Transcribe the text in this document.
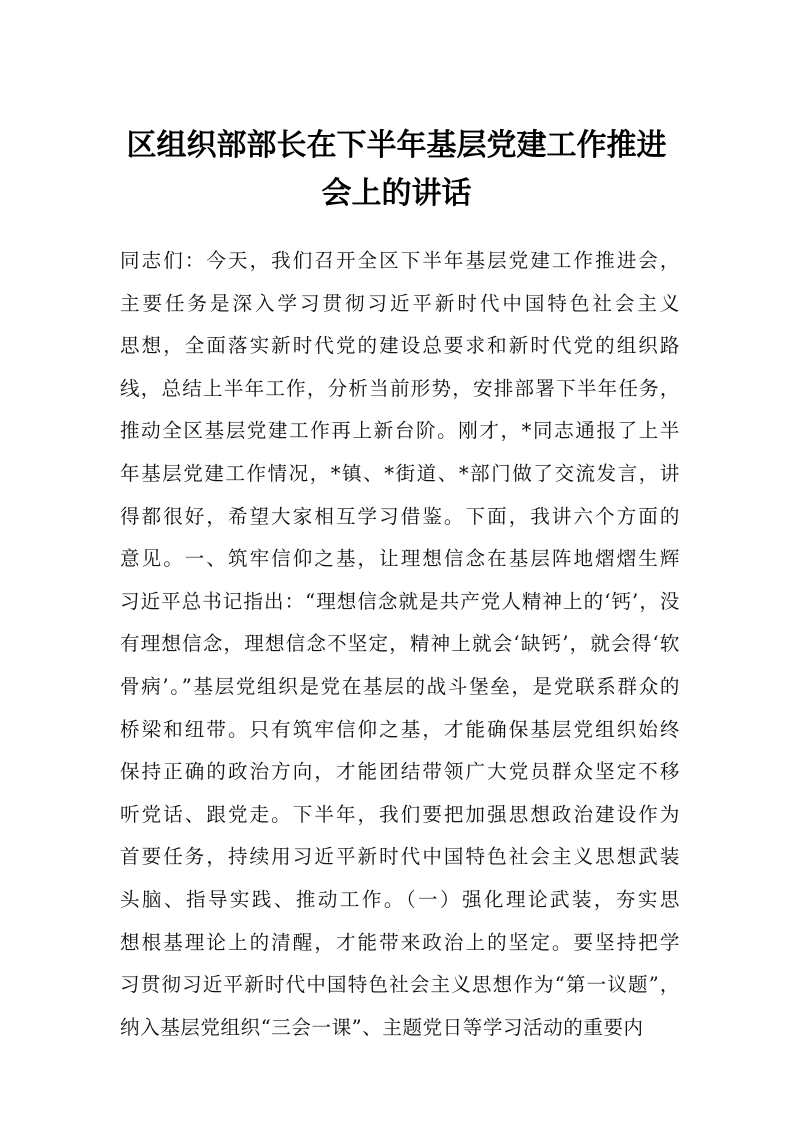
区组织部部长在下半年基层党建工作推进
会上的讲话
同志们：今天，我们召开全区下半年基层党建工作推进会，
主要任务是深入学习贯彻习近平新时代中国特色社会主义
思想，全面落实新时代党的建设总要求和新时代党的组织路
线，总结上半年工作，分析当前形势，安排部署下半年任务，
推动全区基层党建工作再上新台阶。刚才，*同志通报了上半
年基层党建工作情况，*镇、*街道、*部门做了交流发言，讲
得都很好，希望大家相互学习借鉴。下面，我讲六个方面的
意见。一、筑牢信仰之基，让理想信念在基层阵地熠熠生辉
习近平总书记指出：“理想信念就是共产党人精神上的‘钙’，没
有理想信念，理想信念不坚定，精神上就会‘缺钙’，就会得‘软
骨病’。”基层党组织是党在基层的战斗堡垒，是党联系群众的
桥梁和纽带。只有筑牢信仰之基，才能确保基层党组织始终
保持正确的政治方向，才能团结带领广大党员群众坚定不移
听党话、跟党走。下半年，我们要把加强思想政治建设作为
首要任务，持续用习近平新时代中国特色社会主义思想武装
头脑、指导实践、推动工作。（一）强化理论武装，夯实思
想根基理论上的清醒，才能带来政治上的坚定。要坚持把学
习贯彻习近平新时代中国特色社会主义思想作为“第一议题”，
纳入基层党组织“三会一课”、主题党日等学习活动的重要内
